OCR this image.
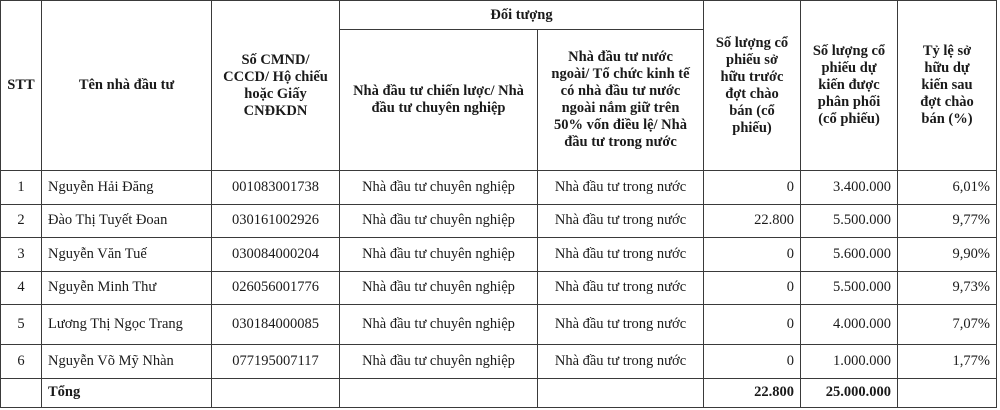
STT	Tên nhà đầu tư	Số CMND/ CCCD/ Hộ chiếu hoặc Giấy CNĐKDN	Đối tượng		Số lượng cổ phiếu sở hữu trước đợt chào bán (cổ phiếu)	Số lượng cổ phiếu dự kiến được phân phối (cổ phiếu)	Tỷ lệ sở hữu dự kiến sau đợt chào bán (%)
			Nhà đầu tư chiến lược/ Nhà đầu tư chuyên nghiệp	Nhà đầu tư nước ngoài/ Tổ chức kinh tế có nhà đầu tư nước ngoài nắm giữ trên 50% vốn điều lệ/ Nhà đầu tư trong nước			
1	Nguyễn Hải Đăng	001083001738	Nhà đầu tư chuyên nghiệp	Nhà đầu tư trong nước	0	3.400.000	6,01%
2	Đào Thị Tuyết Đoan	030161002926	Nhà đầu tư chuyên nghiệp	Nhà đầu tư trong nước	22.800	5.500.000	9,77%
3	Nguyễn Văn Tuế	030084000204	Nhà đầu tư chuyên nghiệp	Nhà đầu tư trong nước	0	5.600.000	9,90%
4	Nguyễn Minh Thư	026056001776	Nhà đầu tư chuyên nghiệp	Nhà đầu tư trong nước	0	5.500.000	9,73%
5	Lương Thị Ngọc Trang	030184000085	Nhà đầu tư chuyên nghiệp	Nhà đầu tư trong nước	0	4.000.000	7,07%
6	Nguyễn Võ Mỹ Nhàn	077195007117	Nhà đầu tư chuyên nghiệp	Nhà đầu tư trong nước	0	1.000.000	1,77%
	Tổng				22.800	25.000.000	
